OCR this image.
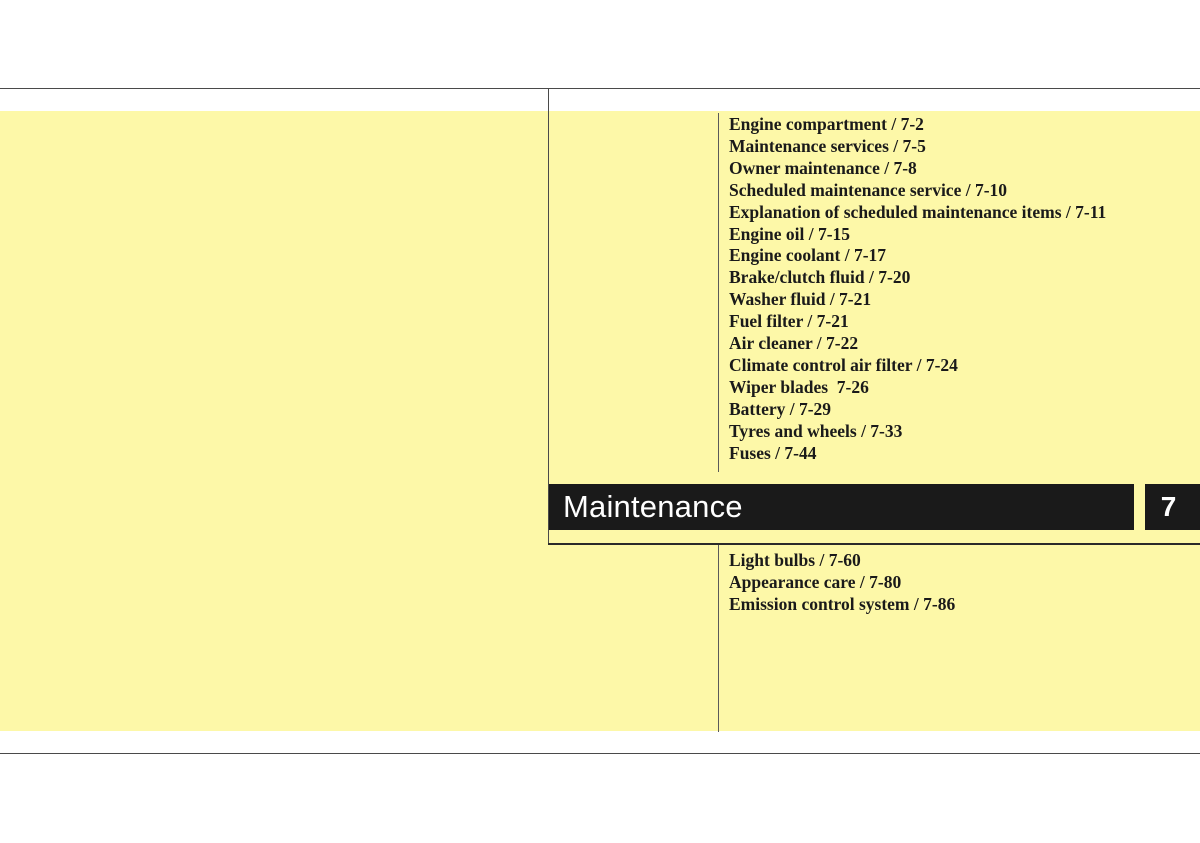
Engine compartment / 7-2
Maintenance services / 7-5
Owner maintenance / 7-8
Scheduled maintenance service / 7-10
Explanation of scheduled maintenance items / 7-11
Engine oil / 7-15
Engine coolant / 7-17
Brake/clutch fluid / 7-20
Washer fluid / 7-21
Fuel filter / 7-21
Air cleaner / 7-22
Climate control air filter / 7-24
Wiper blades  7-26
Battery / 7-29
Tyres and wheels / 7-33
Fuses / 7-44
Maintenance	7
Light bulbs / 7-60
Appearance care / 7-80
Emission control system / 7-86
